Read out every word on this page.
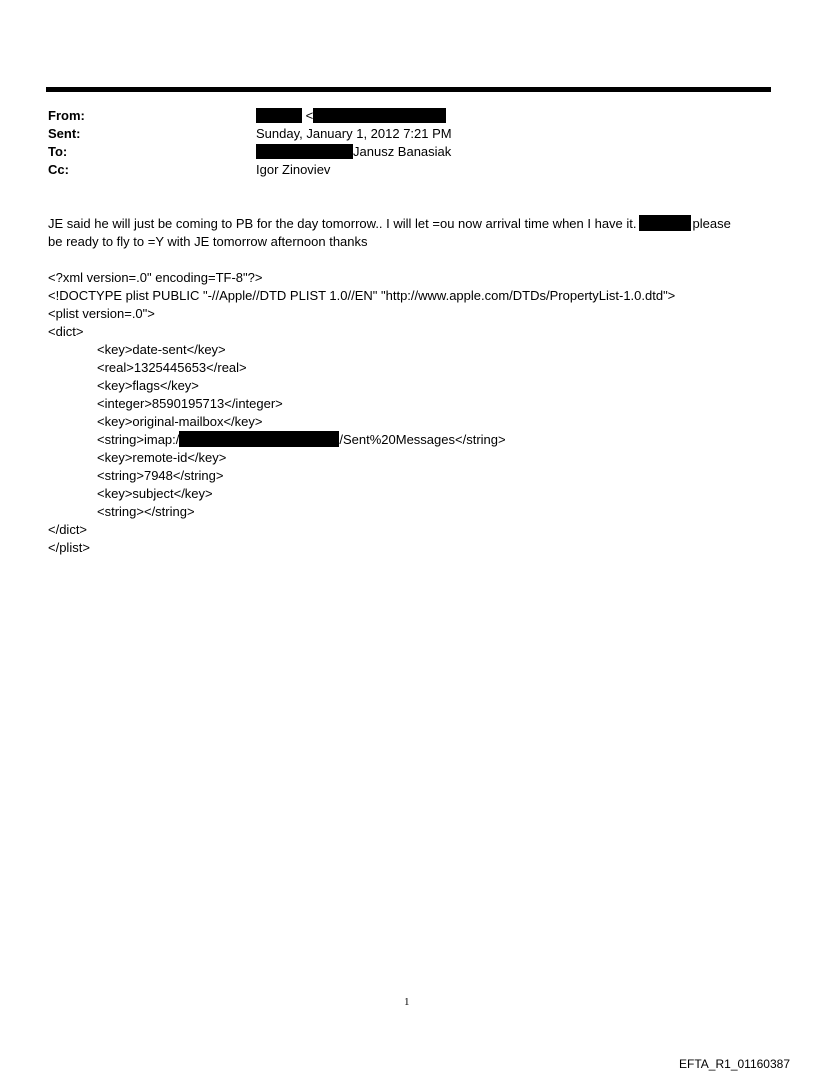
From:	<
Sent:	Sunday, January 1, 2012 7:21 PM
To:	Janusz Banasiak
Cc:	Igor Zinoviev
JE said he will just be coming to PB for the day tomorrow.. I will let =ou now arrival time when I have it.	please
be ready to fly to =Y with JE tomorrow afternoon thanks
<?xml version=.0" encoding=TF-8"?>
<!DOCTYPE plist PUBLIC "-//Apple//DTD PLIST 1.0//EN" "http://www.apple.com/DTDs/PropertyList-1.0.dtd">
<plist version=.0">
<dict>
<key>date-sent</key>
<real>1325445653</real>
<key>flags</key>
<integer>8590195713</integer>
<key>original-mailbox</key>
<string>imap:/	/Sent%20Messages</string>
<key>remote-id</key>
<string>7948</string>
<key>subject</key>
<string></string>
</dict>
</plist>
1
EFTA_R1_01160387
